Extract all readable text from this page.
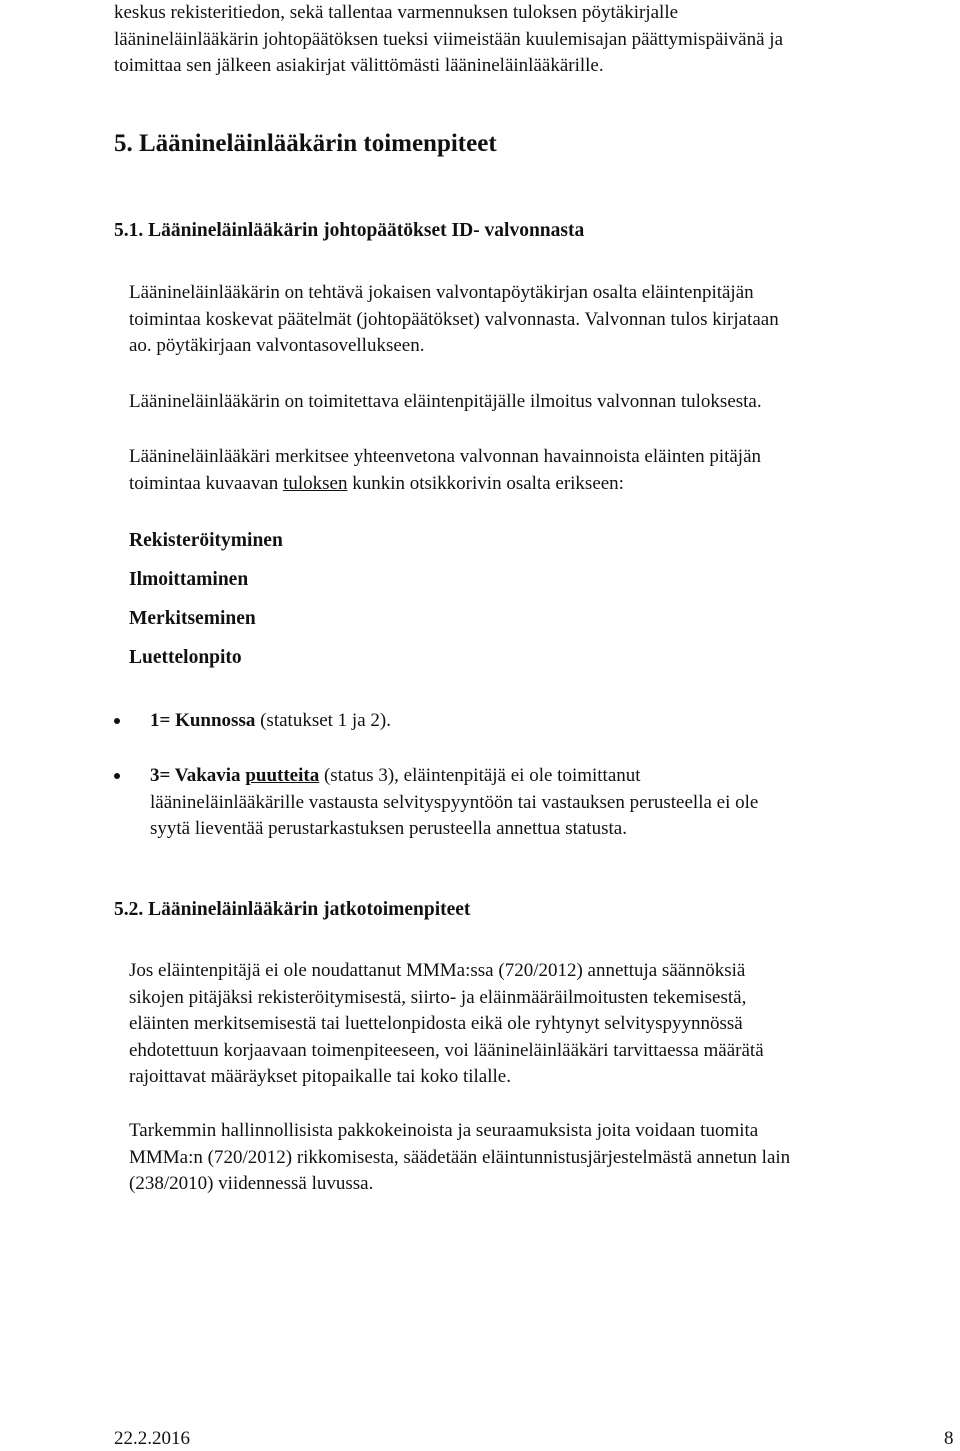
keskus rekisteritiedon, sekä tallentaa varmennuksen tuloksen pöytäkirjalle
läänineläinlääkärin johtopäätöksen tueksi viimeistään kuulemisajan päättymispäivänä ja
toimittaa sen jälkeen asiakirjat välittömästi läänineläinlääkärille.
5. Läänineläinlääkärin toimenpiteet
5.1. Läänineläinlääkärin johtopäätökset ID- valvonnasta
Läänineläinlääkärin on tehtävä jokaisen valvontapöytäkirjan osalta eläintenpitäjän
toimintaa koskevat päätelmät (johtopäätökset) valvonnasta. Valvonnan tulos kirjataan
ao. pöytäkirjaan valvontasovellukseen.
Läänineläinlääkärin on toimitettava eläintenpitäjälle ilmoitus valvonnan tuloksesta.
Läänineläinlääkäri merkitsee yhteenvetona valvonnan havainnoista eläinten pitäjän
toimintaa kuvaavan tuloksen kunkin otsikkorivin osalta erikseen:
Rekisteröityminen
Ilmoittaminen
Merkitseminen
Luettelonpito
1= Kunnossa (statukset 1 ja 2).
3= Vakavia puutteita (status 3), eläintenpitäjä ei ole toimittanut
läänineläinlääkärille vastausta selvityspyyntöön tai vastauksen perusteella ei ole
syytä lieventää perustarkastuksen perusteella annettua statusta.
5.2. Läänineläinlääkärin jatkotoimenpiteet
Jos eläintenpitäjä ei ole noudattanut MMMa:ssa (720/2012) annettuja säännöksiä
sikojen pitäjäksi rekisteröitymisestä, siirto- ja eläinmääräilmoitusten tekemisestä,
eläinten merkitsemisestä tai luettelonpidosta eikä ole ryhtynyt selvityspyynnössä
ehdotettuun korjaavaan toimenpiteeseen, voi läänineläinlääkäri tarvittaessa määrätä
rajoittavat määräykset pitopaikalle tai koko tilalle.
Tarkemmin hallinnollisista pakkokeinoista ja seuraamuksista joita voidaan tuomita
MMMa:n (720/2012) rikkomisesta, säädetään eläintunnistusjärjestelmästä annetun lain
(238/2010) viidennessä luvussa.
22.2.2016	8
